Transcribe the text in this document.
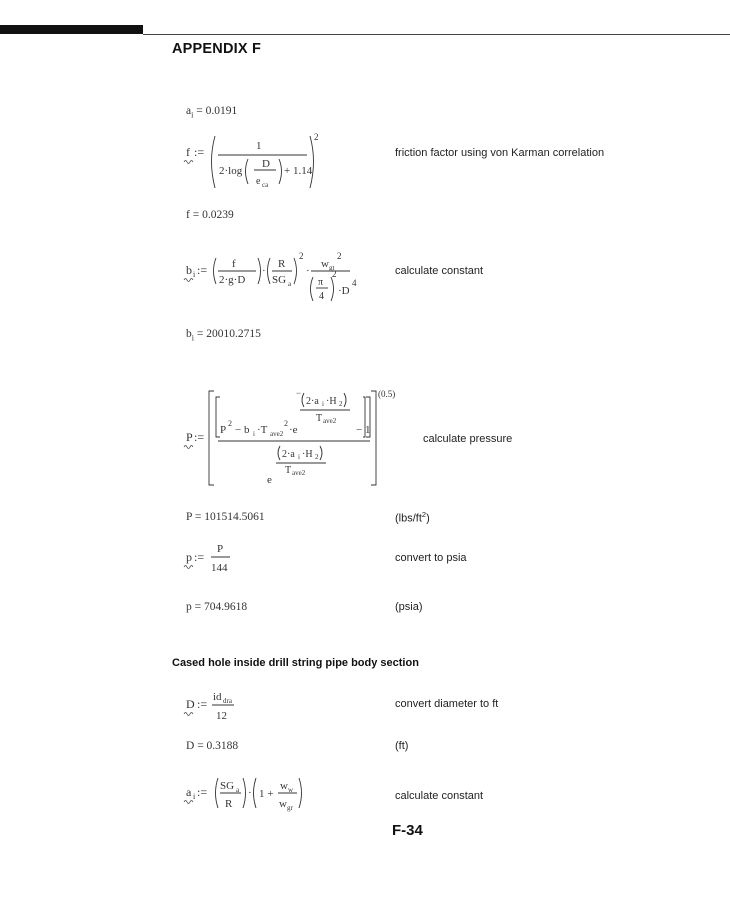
APPENDIX F
$a_i = 0.0191$
f :=	1
2·log
D
e ca
+ 1.14
2
friction factor using von Karman correlation
f = 0.0239
b i := f
2·g·D
·
R
SG a
2
·
w gt
2
π
4
2
·D
4
calculate constant
$b_i = 20010.2715$
P :=
(0.5)
P
2
− b i ·T ave2
2
·e	− 1
2·a i ·H 2
T ave2
−
2·a i ·H 2
T ave2
e
calculate pressure
P = 101514.5061	$(lbs/ft^2)$
p :=
P
144
convert to psia
p = 704.9618	(psia)
Cased hole inside drill string pipe body section
D := id dra
12
convert diameter to ft
D = 0.3188	(ft)
a i := SG a
R
· 1 +
w w
w gr
calculate constant
F-34
